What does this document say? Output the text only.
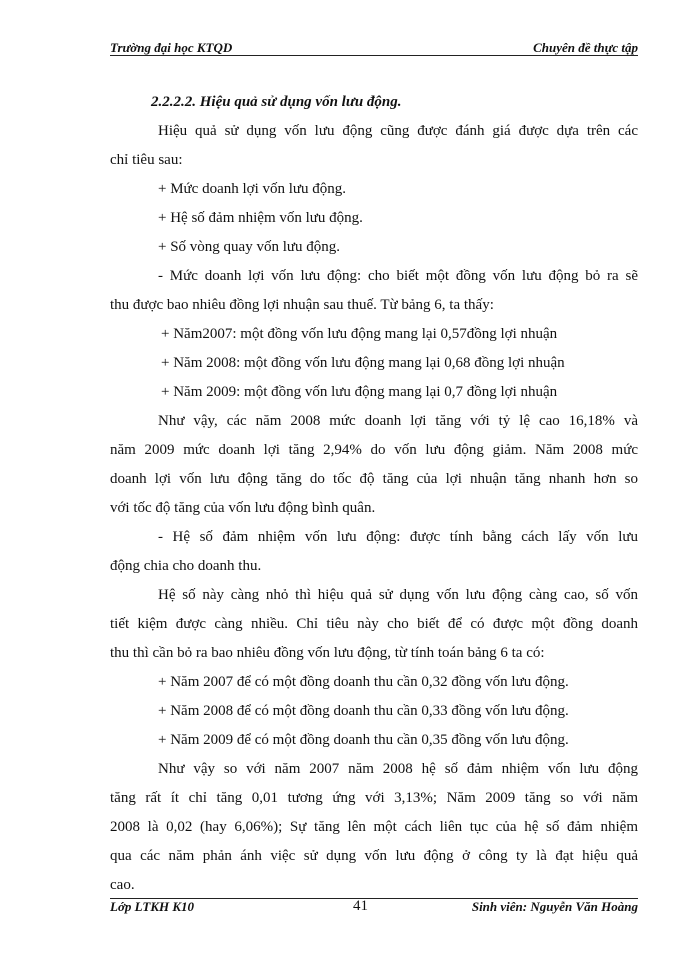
Trường đại học KTQD	Chuyên đề thực tập

2.2.2.2. Hiệu quả sử dụng vốn lưu động.

Hiệu quả sử dụng vốn lưu động cũng được đánh giá được dựa trên các

chỉ tiêu sau:

+ Mức doanh lợi vốn lưu động.

+ Hệ số đảm nhiệm vốn lưu động.

+ Số vòng quay vốn lưu động.

- Mức doanh lợi vốn lưu động: cho biết một đồng vốn lưu động bỏ ra sẽ

thu được bao nhiêu đồng lợi nhuận sau thuế. Từ bảng 6, ta thấy:

+ Năm2007: một đồng vốn lưu động mang lại 0,57đồng lợi nhuận

+ Năm 2008: một đồng vốn lưu động mang lại 0,68 đồng lợi nhuận

+ Năm 2009: một đồng vốn lưu động mang lại 0,7 đồng lợi nhuận

Như vậy, các năm 2008 mức doanh lợi tăng với tỷ lệ cao 16,18% và

năm 2009 mức doanh lợi tăng 2,94% do vốn lưu động giảm. Năm 2008 mức

doanh lợi vốn lưu động tăng do tốc độ tăng của lợi nhuận tăng nhanh hơn so

với tốc độ tăng của vốn lưu động bình quân.

- Hệ số đảm nhiệm vốn lưu động: được tính bằng cách lấy vốn lưu

động chia cho doanh thu.

Hệ số này càng nhỏ thì hiệu quả sử dụng vốn lưu động càng cao, số vốn

tiết kiệm được càng nhiều. Chỉ tiêu này cho biết để có được một đồng doanh

thu thì cần bỏ ra bao nhiêu đồng vốn lưu động, từ tính toán bảng 6 ta có:

+ Năm 2007 để có một đồng doanh thu cần 0,32 đồng vốn lưu động.

+ Năm 2008 để có một đồng doanh thu cần 0,33 đồng vốn lưu động.

+ Năm 2009 để có một đồng doanh thu cần 0,35 đồng vốn lưu động.

Như vậy so với năm 2007 năm 2008 hệ số đảm nhiệm vốn lưu động

tăng rất ít chỉ tăng 0,01 tương ứng với 3,13%; Năm 2009 tăng so với năm

2008 là 0,02 (hay 6,06%); Sự tăng lên một cách liên tục của hệ số đảm nhiệm

qua các năm phản ánh việc sử dụng vốn lưu động ở công ty là đạt hiệu quả

cao.

Lớp LTKH K10	41	Sinh viên: Nguyễn Văn Hoàng
